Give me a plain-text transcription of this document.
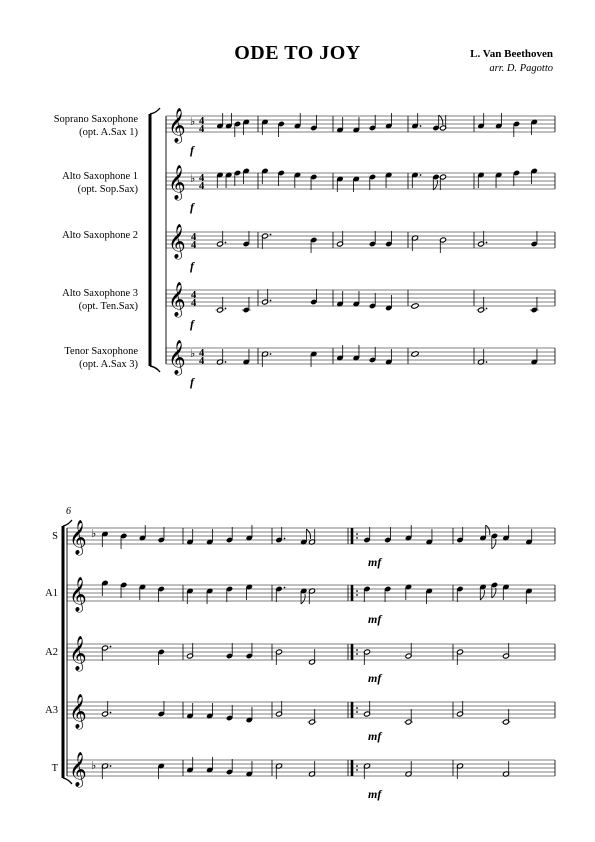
ODE TO JOY	L. Van Beethoven
arr. D. Pagotto
𝄞 ♭ 4
4
Soprano Saxophone
(opt. A.Sax 1)
f
𝄞 ♭ 4
4
Alto Saxophone 1
(opt. Sop.Sax)
f
𝄞 4
4
Alto Saxophone 2
f
𝄞 4
4
Alto Saxophone 3
(opt. Ten.Sax)
f
𝄞 ♭ 4
4
Tenor Saxophone
(opt. A.Sax 3)
f
𝄞 ♭
S
mf
𝄞
A1
mf
𝄞
A2
mf
𝄞
A3
mf
𝄞 ♭
T
mf
6
